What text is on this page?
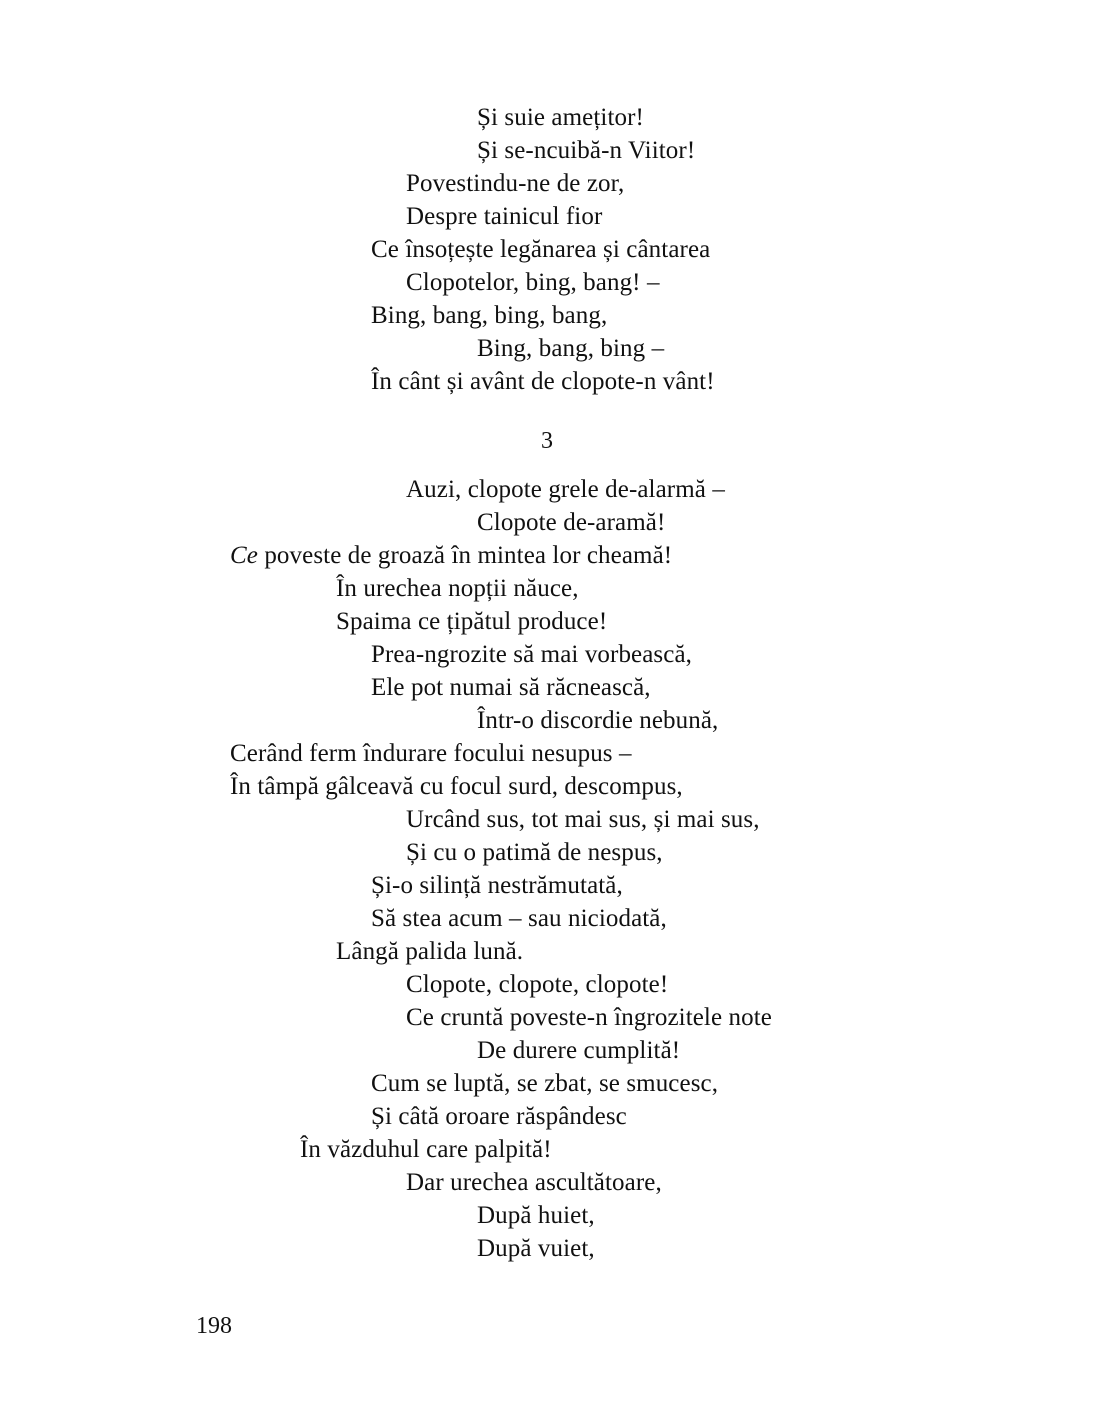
Și suie amețitor!
Și se-ncuibă-n Viitor!
Povestindu-ne de zor,
Despre tainicul fior
Ce însoțește legănarea și cântarea
Clopotelor, bing, bang! –
Bing, bang, bing, bang,
Bing, bang, bing –
În cânt și avânt de clopote-n vânt!
3
Auzi, clopote grele de-alarmă –
Clopote de-aramă!
Ce poveste de groază în mintea lor cheamă!
În urechea nopții năuce,
Spaima ce țipătul produce!
Prea-ngrozite să mai vorbească,
Ele pot numai să răcnească,
Într-o discordie nebună,
Cerând ferm îndurare focului nesupus –
În tâmpă gâlceavă cu focul surd, descompus,
Urcând sus, tot mai sus, și mai sus,
Și cu o patimă de nespus,
Și-o silință nestrămutată,
Să stea acum – sau niciodată,
Lângă palida lună.
Clopote, clopote, clopote!
Ce cruntă poveste-n îngrozitele note
De durere cumplită!
Cum se luptă, se zbat, se smucesc,
Și câtă oroare răspândesc
În văzduhul care palpită!
Dar urechea ascultătoare,
După huiet,
După vuiet,
198
